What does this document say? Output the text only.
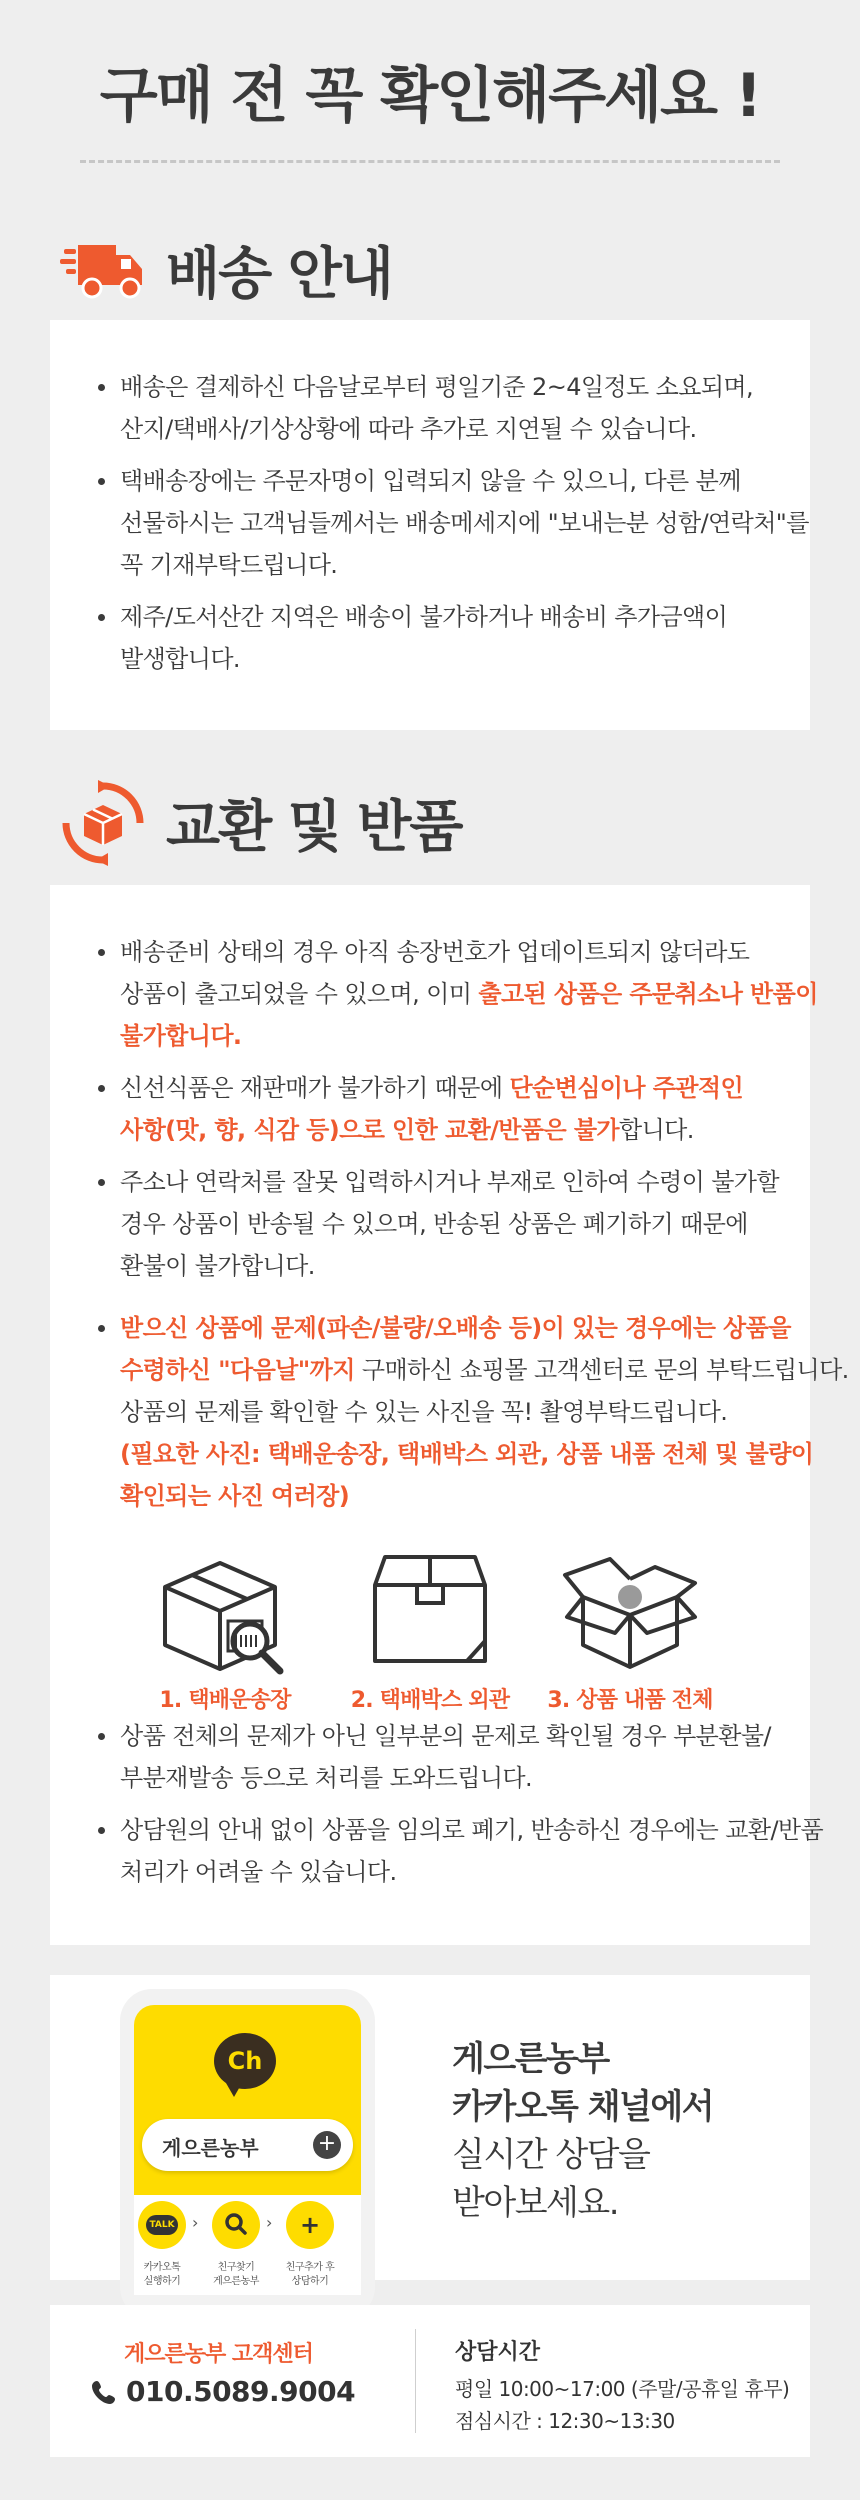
구매 전 꼭 확인해주세요 !
배송 안내
배송은 결제하신 다음날로부터 평일기준 2~4일정도 소요되며,
산지/택배사/기상상황에 따라 추가로 지연될 수 있습니다.
택배송장에는 주문자명이 입력되지 않을 수 있으니, 다른 분께
선물하시는 고객님들께서는 배송메세지에 "보내는분 성함/연락처"를
꼭 기재부탁드립니다.
제주/도서산간 지역은 배송이 불가하거나 배송비 추가금액이
발생합니다.
교환 및 반품
배송준비 상태의 경우 아직 송장번호가 업데이트되지 않더라도
상품이 출고되었을 수 있으며, 이미 출고된 상품은 주문취소나 반품이
불가합니다.
신선식품은 재판매가 불가하기 때문에 단순변심이나 주관적인
사항(맛, 향, 식감 등)으로 인한 교환/반품은 불가합니다.
주소나 연락처를 잘못 입력하시거나 부재로 인하여 수령이 불가할
경우 상품이 반송될 수 있으며, 반송된 상품은 폐기하기 때문에
환불이 불가합니다.
받으신 상품에 문제(파손/불량/오배송 등)이 있는 경우에는 상품을
수령하신 "다음날"까지 구매하신 쇼핑몰 고객센터로 문의 부탁드립니다.
상품의 문제를 확인할 수 있는 사진을 꼭! 촬영부탁드립니다.
(필요한 사진: 택배운송장, 택배박스 외관, 상품 내품 전체 및 불량이
확인되는 사진 여러장)
1. 택배운송장	2. 택배박스 외관	3. 상품 내품 전체
상품 전체의 문제가 아닌 일부분의 문제로 확인될 경우 부분환불/
부분재발송 등으로 처리를 도와드립니다.
상담원의 안내 없이 상품을 임의로 폐기, 반송하신 경우에는 교환/반품
처리가 어려울 수 있습니다.
Ch
게으른농부	+
TALK ›	›	+
카카오톡
실행하기
친구찾기
게으른농부
친구추가 후
상담하기
게으른농부
카카오톡 채널에서
실시간 상담을
받아보세요.
게으른농부 고객센터
010.5089.9004
상담시간
평일 10:00~17:00 (주말/공휴일 휴무)
점심시간 : 12:30~13:30
